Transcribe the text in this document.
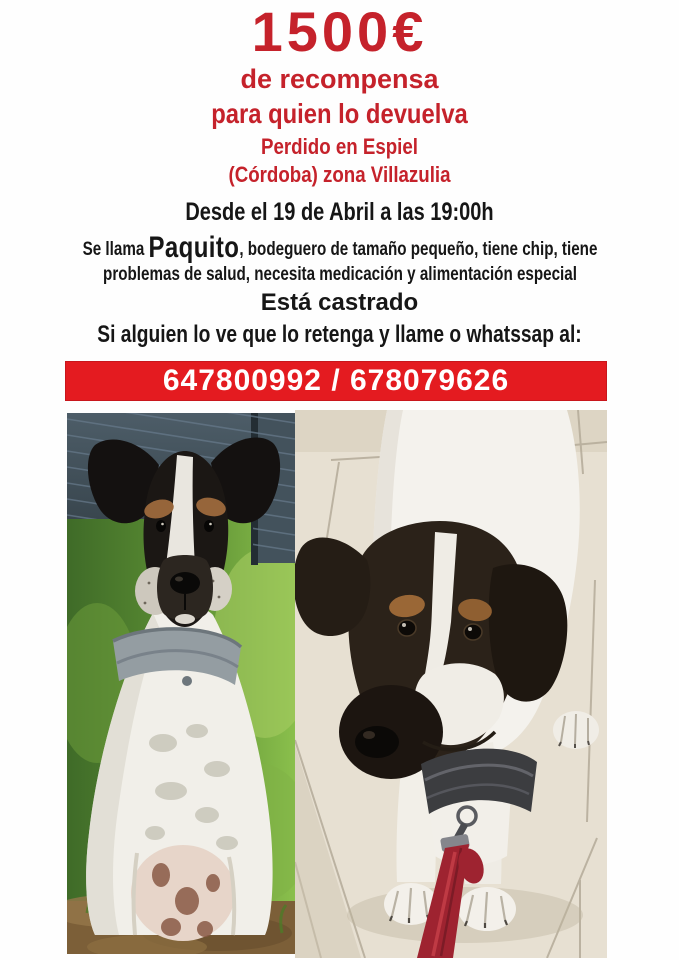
1500€
de recompensa
para quien lo devuelva
Perdido en Espiel
(Córdoba) zona Villazulia
Desde el 19 de Abril a las 19:00h

Se llama Paquito, bodeguero de tamaño pequeño, tiene chip, tiene problemas de salud, necesita medicación y alimentación especial

Está castrado
Si alguien lo ve que lo retenga y llame o whatssap al:
647800992 / 678079626
